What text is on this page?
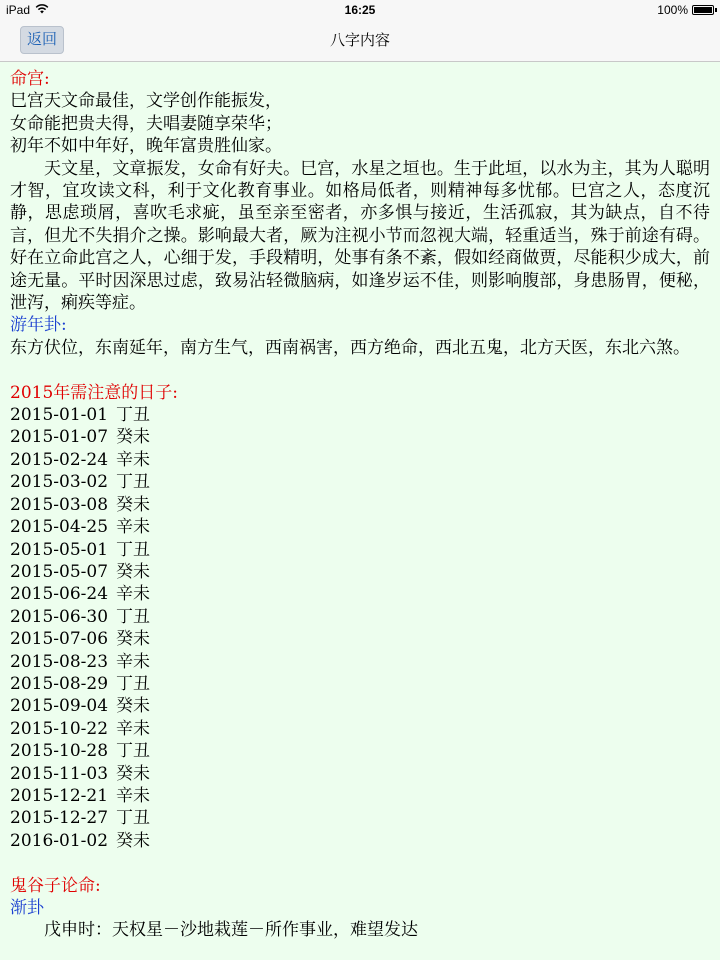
iPad	16:25	100%
八字内容
返回
命宫:
巳宫天文命最佳，文学创作能振发，
女命能把贵夫得，夫唱妻随享荣华；
初年不如中年好，晚年富贵胜仙家。
天文星，文章振发，女命有好夫。巳宫，水星之垣也。生于此垣，以水为主，其为人聪明才智，宜攻读文科，利于文化教育事业。如格局低者，则精神每多忧郁。巳宫之人，态度沉静，思虑琐屑，喜吹毛求疵，虽至亲至密者，亦多惧与接近，生活孤寂，其为缺点，自不待言，但尤不失捐介之操。影响最大者，厥为注视小节而忽视大端，轻重适当，殊于前途有碍。好在立命此宫之人，心细于发，手段精明，处事有条不紊，假如经商做贾，尽能积少成大，前途无量。平时因深思过虑，致易沾轻微脑病，如逢岁运不佳，则影响腹部，身患肠胃，便秘，泄泻，痢疾等症。
游年卦:
东方伏位，东南延年，南方生气，西南祸害，西方绝命，西北五鬼，北方天医，东北六煞。
2015年需注意的日子:
2015-01-01 丁丑
2015-01-07 癸未
2015-02-24 辛未
2015-03-02 丁丑
2015-03-08 癸未
2015-04-25 辛未
2015-05-01 丁丑
2015-05-07 癸未
2015-06-24 辛未
2015-06-30 丁丑
2015-07-06 癸未
2015-08-23 辛未
2015-08-29 丁丑
2015-09-04 癸未
2015-10-22 辛未
2015-10-28 丁丑
2015-11-03 癸未
2015-12-21 辛未
2015-12-27 丁丑
2016-01-02 癸未
鬼谷子论命:
渐卦
戊申时：天权星－沙地栽莲－所作事业，难望发达
